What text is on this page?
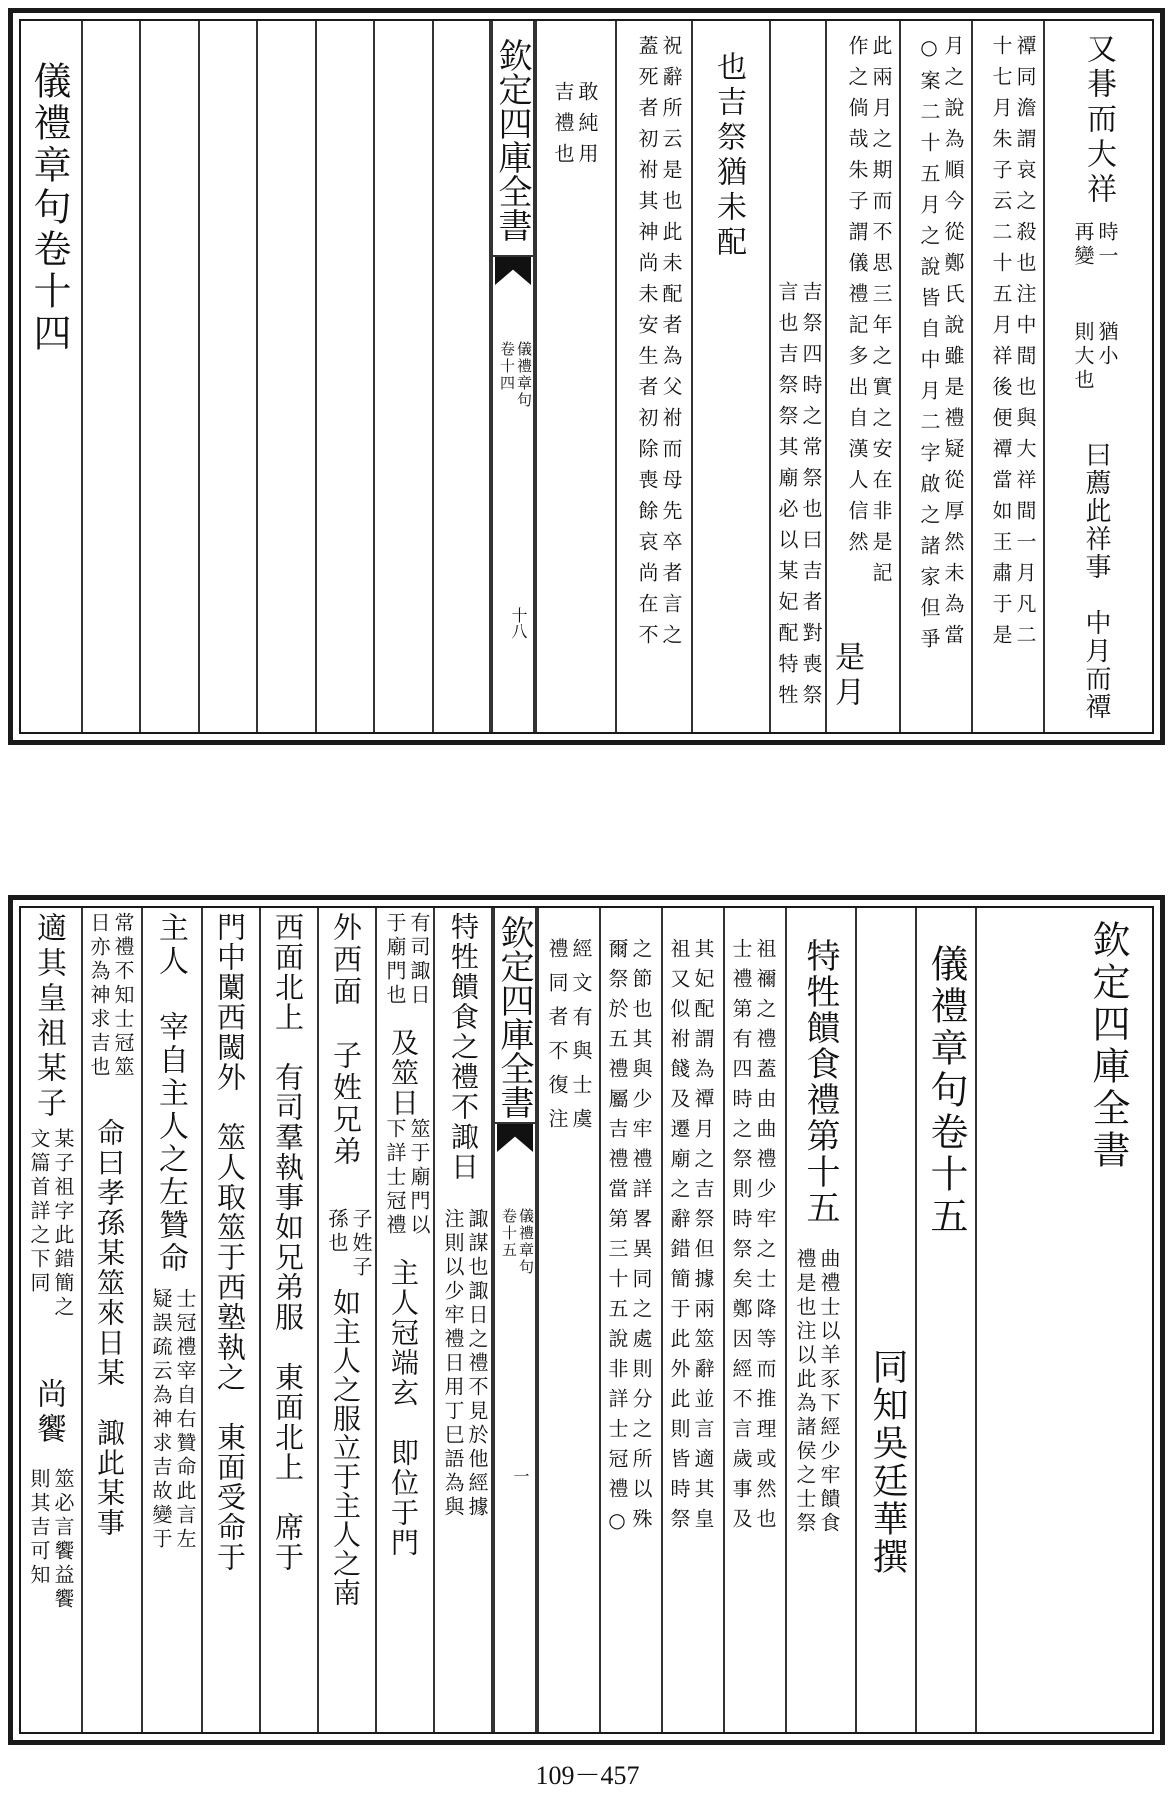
儀禮章句卷十四	欽定四庫全書
儀禮章句
卷十四
十八
敢純用
吉禮也	祝辭所云是也此未配者為父祔而母先卒者言之
蓋死者初祔其神尚未安生者初除喪餘哀尚在不 也吉祭猶未配
吉祭四時之常祭也曰吉者對喪祭
言也吉祭祭其廟必以某妃配特牲	此兩月之期而不思三年之實之安在非是記
作之倘哉朱子謂儀禮記多出自漢人信然
是月
月之說為順今從鄭氏說雖是禮疑從厚然未為當
○案二十五月之說皆自中月二字啟之諸家但爭	禫同澹謂哀之殺也注中間也與大祥間一月凡二
十七月朱子云二十五月祥後便禫當如王肅于是 又朞而大祥
時一
再變
猶小
則大也
曰薦此祥事　中月而禫
適其皇祖某子
某子祖字此錯簡之
文篇首詳之下同
尚饗
筮必言饗益饗
則其吉可知
常禮不知士冠筮
日亦為神求吉也
命曰孝孫某筮來日某　諏此某事
主人　宰自主人之左贊命
士冠禮宰自右贊命此言左
疑誤疏云為神求吉故變于 門中闑西閾外　筮人取筮于西塾執之　東面受命于 西面北上　有司羣執事如兄弟服　東面北上　席于 外西面　子姓兄弟
子姓子
孫也
如主人之服立于主人之南
有司諏日
于廟門也
及筮日
筮于廟門以
下詳士冠禮
主人冠端玄　即位于門
特牲饋食之禮不諏日
諏謀也諏日之禮不見於他經據
注則以少牢禮日用丁巳語為與
欽定四庫全書
儀禮章句
卷十五
一
經文有與士虞
禮同者不復注	之節也其與少牢禮詳畧異同之處則分之所以殊
爾祭於五禮屬吉禮當第三十五說非詳士冠禮○	其妃配謂為禫月之吉祭但據兩筮辭並言適其皇
祖又似祔餞及遷廟之辭錯簡于此外此則皆時祭	祖禰之禮蓋由曲禮少牢之士降等而推理或然也
士禮第有四時之祭則時祭矣鄭因經不言歲事及 特牲饋食禮第十五
曲禮士以羊豕下經少牢饋食
禮是也注以此為諸侯之士祭 同知吳廷華撰
儀禮章句卷十五	欽定四庫全書
109－457
